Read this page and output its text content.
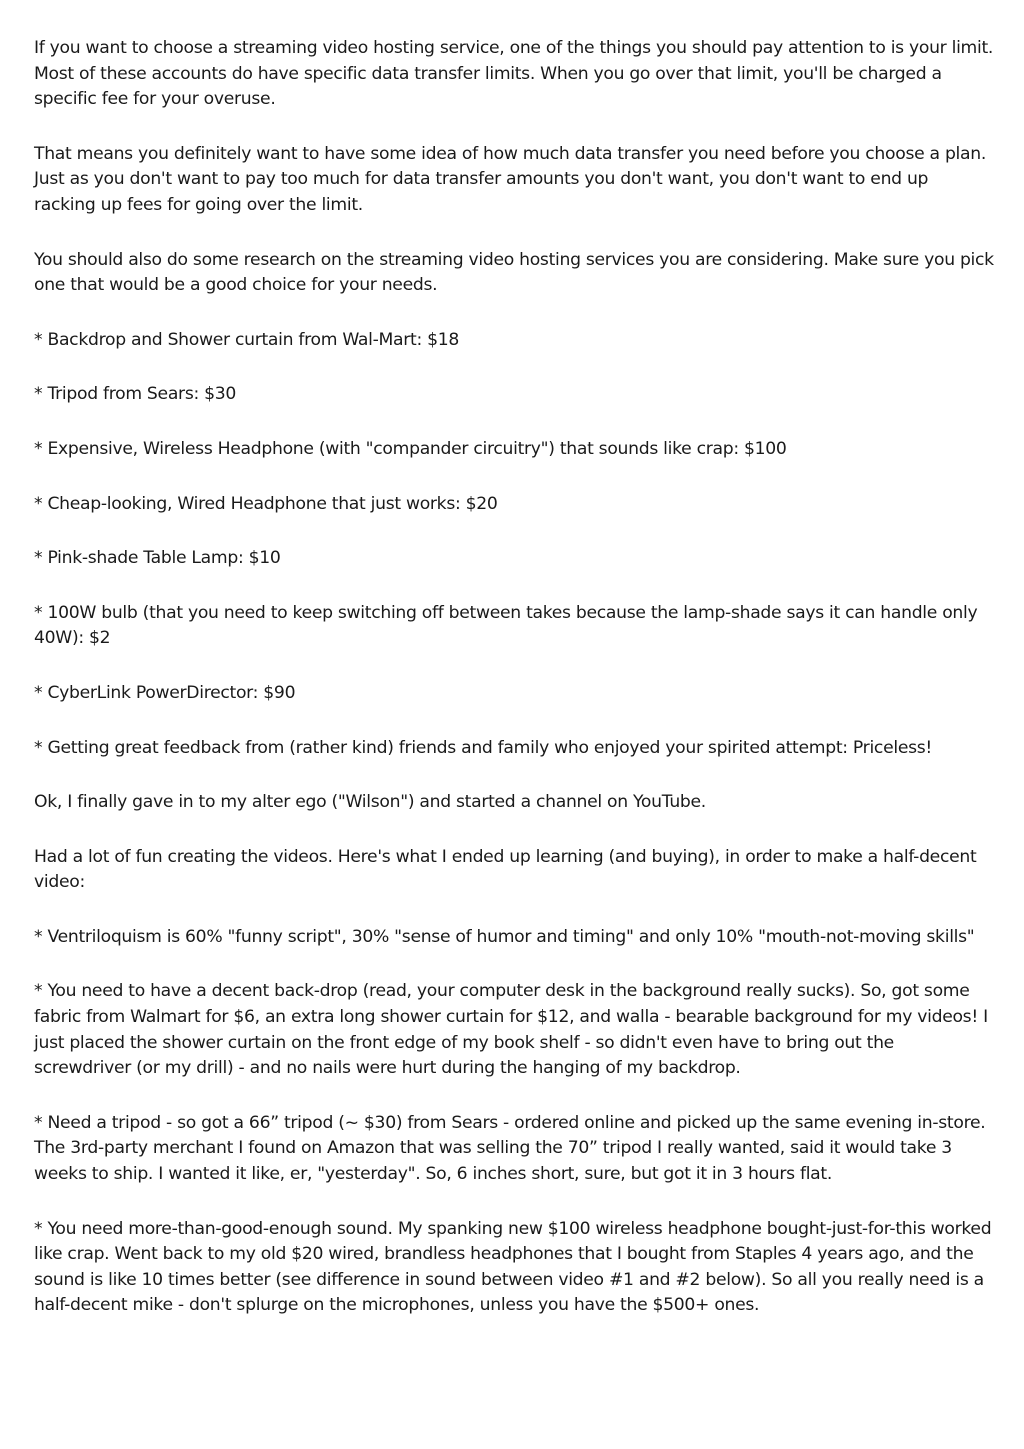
If you want to choose a streaming video hosting service, one of the things you should pay attention to is your limit. Most of these accounts do have specific data transfer limits. When you go over that limit, you'll be charged a specific fee for your overuse.

That means you definitely want to have some idea of how much data transfer you need before you choose a plan. Just as you don't want to pay too much for data transfer amounts you don't want, you don't want to end up racking up fees for going over the limit.

You should also do some research on the streaming video hosting services you are considering. Make sure you pick one that would be a good choice for your needs.

* Backdrop and Shower curtain from Wal-Mart: $18

* Tripod from Sears: $30

* Expensive, Wireless Headphone (with "compander circuitry") that sounds like crap: $100

* Cheap-looking, Wired Headphone that just works: $20

* Pink-shade Table Lamp: $10

* 100W bulb (that you need to keep switching off between takes because the lamp-shade says it can handle only 40W): $2

* CyberLink PowerDirector: $90

* Getting great feedback from (rather kind) friends and family who enjoyed your spirited attempt: Priceless!

Ok, I finally gave in to my alter ego ("Wilson") and started a channel on YouTube.

Had a lot of fun creating the videos. Here's what I ended up learning (and buying), in order to make a half-decent video:

* Ventriloquism is 60% "funny script", 30% "sense of humor and timing" and only 10% "mouth-not-moving skills"

* You need to have a decent back-drop (read, your computer desk in the background really sucks). So, got some fabric from Walmart for $6, an extra long shower curtain for $12, and walla - bearable background for my videos! I just placed the shower curtain on the front edge of my book shelf - so didn't even have to bring out the screwdriver (or my drill) - and no nails were hurt during the hanging of my backdrop.

* Need a tripod - so got a 66” tripod (~ $30) from Sears - ordered online and picked up the same evening in-store. The 3rd-party merchant I found on Amazon that was selling the 70” tripod I really wanted, said it would take 3 weeks to ship. I wanted it like, er, "yesterday". So, 6 inches short, sure, but got it in 3 hours flat.

* You need more-than-good-enough sound. My spanking new $100 wireless headphone bought-just-for-this worked like crap. Went back to my old $20 wired, brandless headphones that I bought from Staples 4 years ago, and the sound is like 10 times better (see difference in sound between video #1 and #2 below). So all you really need is a half-decent mike - don't splurge on the microphones, unless you have the $500+ ones.
